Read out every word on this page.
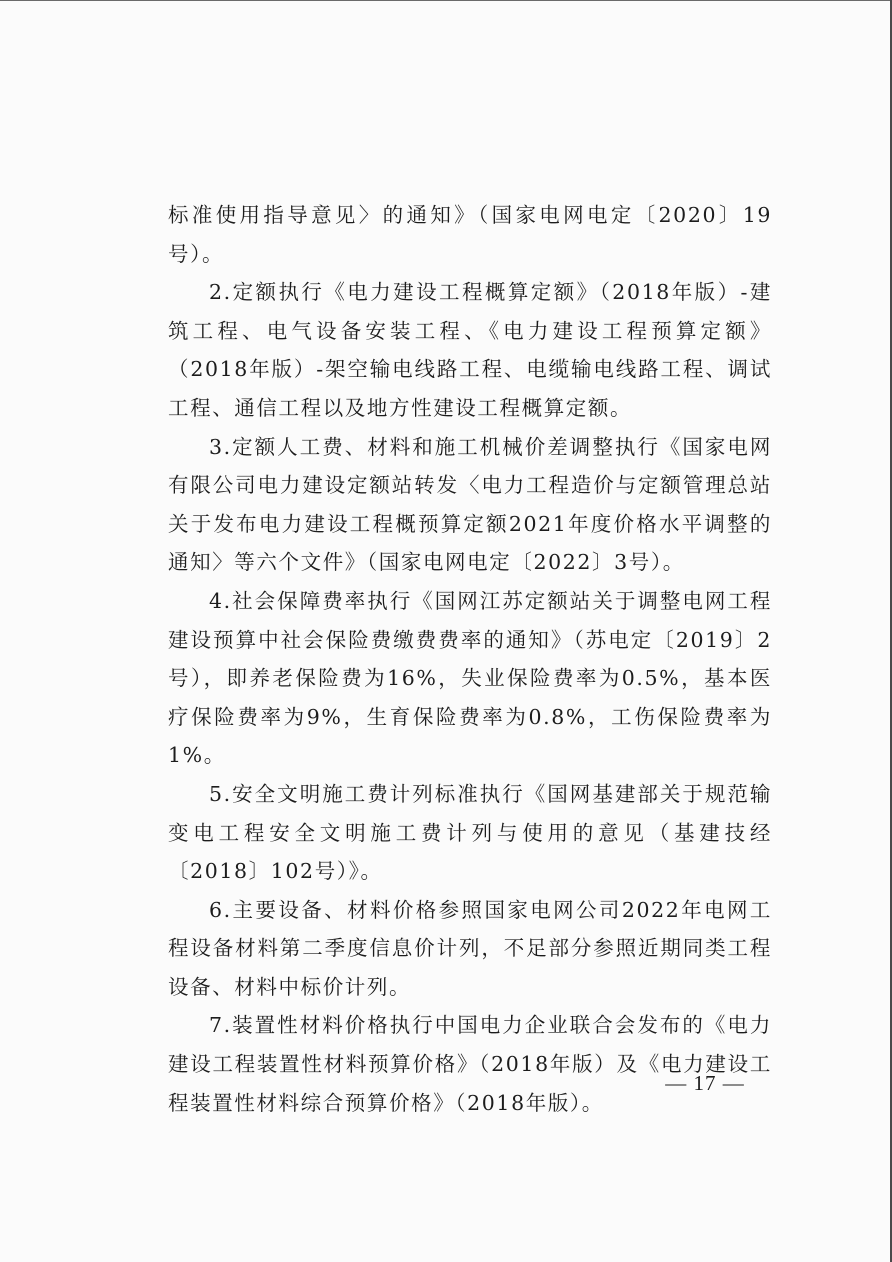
标准使用指导意见〉的通知》（国家电网电定〔2020〕19号）。

2.定额执行《电力建设工程概算定额》（2018年版）-建筑工程、电气设备安装工程、《电力建设工程预算定额》（2018年版）-架空输电线路工程、电缆输电线路工程、调试工程、通信工程以及地方性建设工程概算定额。

3.定额人工费、材料和施工机械价差调整执行《国家电网有限公司电力建设定额站转发〈电力工程造价与定额管理总站关于发布电力建设工程概预算定额2021年度价格水平调整的通知〉等六个文件》（国家电网电定〔2022〕3号）。

4.社会保障费率执行《国网江苏定额站关于调整电网工程建设预算中社会保险费缴费费率的通知》（苏电定〔2019〕2号），即养老保险费为16%，失业保险费率为0.5%，基本医疗保险费率为9%，生育保险费率为0.8%，工伤保险费率为1%。

5.安全文明施工费计列标准执行《国网基建部关于规范输变电工程安全文明施工费计列与使用的意见（基建技经〔2018〕102号）》。

6.主要设备、材料价格参照国家电网公司2022年电网工程设备材料第二季度信息价计列，不足部分参照近期同类工程设备、材料中标价计列。

7.装置性材料价格执行中国电力企业联合会发布的《电力建设工程装置性材料预算价格》（2018年版）及《电力建设工程装置性材料综合预算价格》（2018年版）。

— 17 —
